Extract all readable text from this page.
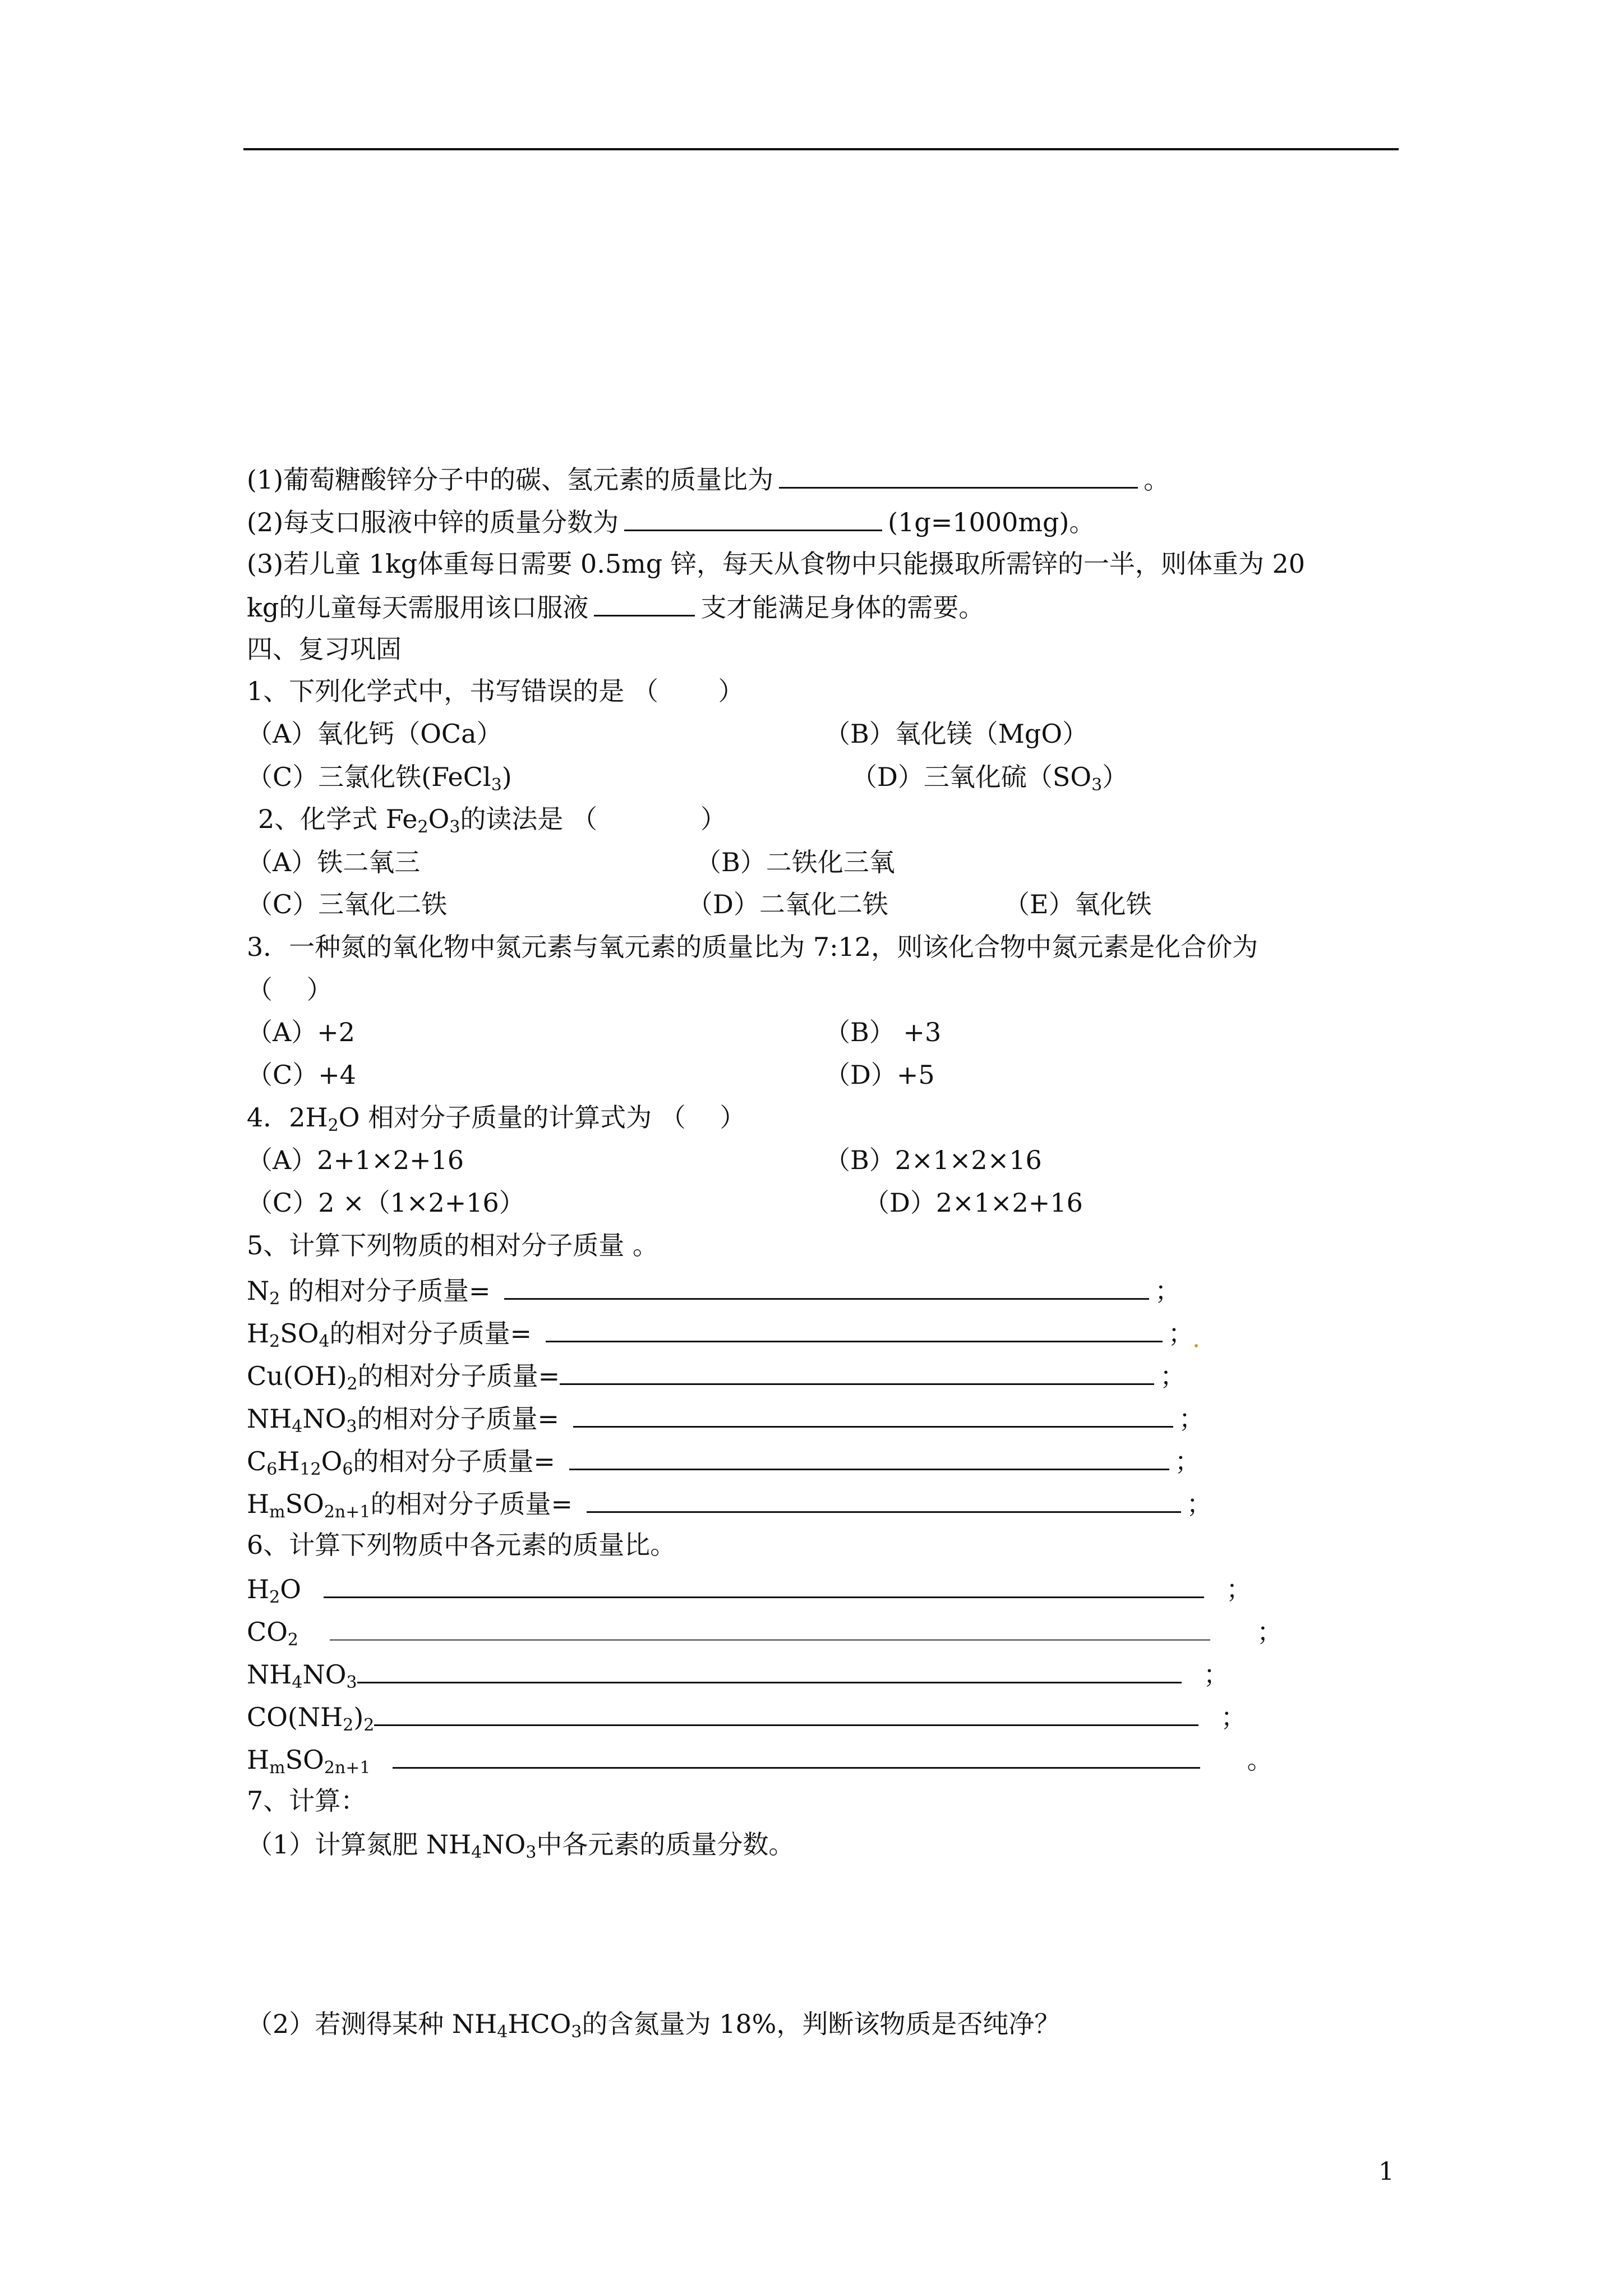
(1)葡萄糖酸锌分子中的碳、氢元素的质量比为	。
(2)每支口服液中锌的质量分数为	(1g=1000mg)。
(3)若儿童 1kg体重每日需要 0.5mg 锌，每天从食物中只能摄取所需锌的一半，则体重为 20
kg的儿童每天需服用该口服液	支才能满足身体的需要。
四、复习巩固
1、下列化学式中，书写错误的是 （　　 ）
（A）氧化钙（OCa）	（B）氧化镁（MgO）
（C）三氯化铁(FeCl$_3$)	（D）三氧化硫$(SO_3)$
2、化学式 $Fe_2O_3$的读法是 （　　　　）
（A）铁二氧三	（B）二铁化三氧
（C）三氧化二铁	（D）二氧化二铁	（E）氧化铁
3．一种氮的氧化物中氮元素与氧元素的质量比为 7:12，则该化合物中氮元素是化合价为
（　 ）
（A）+2	（B） +3
（C）+4	（D）+5
4．$2H_2O$ 相对分子质量的计算式为 （　 ）
（A）2+1×2+16	（B）2×1×2×16
（C）2 ×（1×2+16）	（D）2×1×2+16
5、计算下列物质的相对分子质量 。
$N_2$ 的相对分子质量=	；
$H_2SO_4$的相对分子质量=	；
$Cu(OH)_2$的相对分子质量=	；
$NH_4NO_3$的相对分子质量=	；
$C_6H_{12}O_6$的相对分子质量=	；
$H_mSO_{2n+1}$的相对分子质量=	；
6、计算下列物质中各元素的质量比。
$H_2O$	；
$CO_2$	；
$NH_4NO_3$	；
$CO(NH_2)_2$	；
$H_mSO_{2n+1}$	。
7、计算：
（1）计算氮肥 $NH_4NO_3$中各元素的质量分数。
（2）若测得某种 $NH_4HCO_3$的含氮量为 18%，判断该物质是否纯净？
1
